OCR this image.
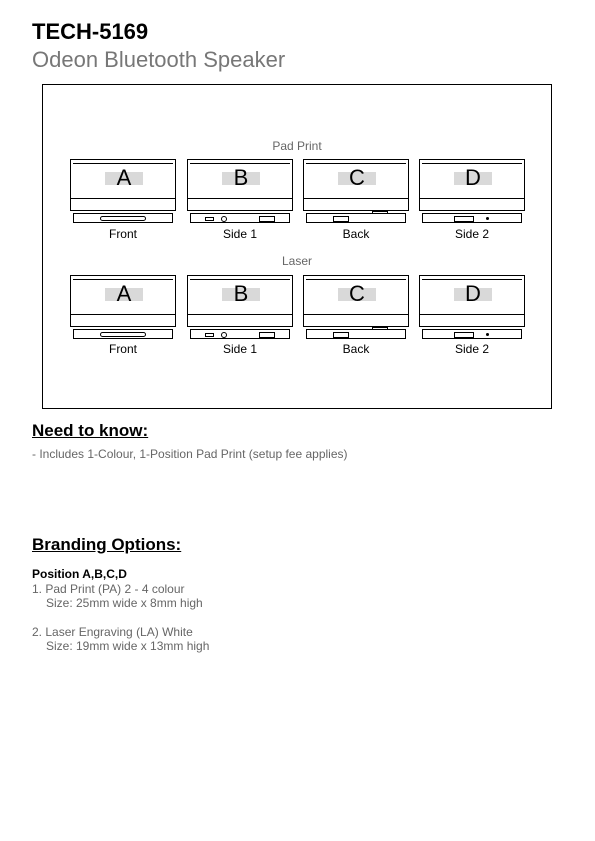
TECH-5169
Odeon Bluetooth Speaker
Pad Print
A
Front
B
Side 1
C
Back
D
Side 2
Laser
A
Front
B
Side 1
C
Back
D
Side 2
Need to know:
- Includes 1-Colour, 1-Position Pad Print (setup fee applies)
Branding Options:
Position A,B,C,D
1. Pad Print (PA) 2 - 4 colour
Size: 25mm wide x 8mm high
2. Laser Engraving (LA) White
Size: 19mm wide x 13mm high
